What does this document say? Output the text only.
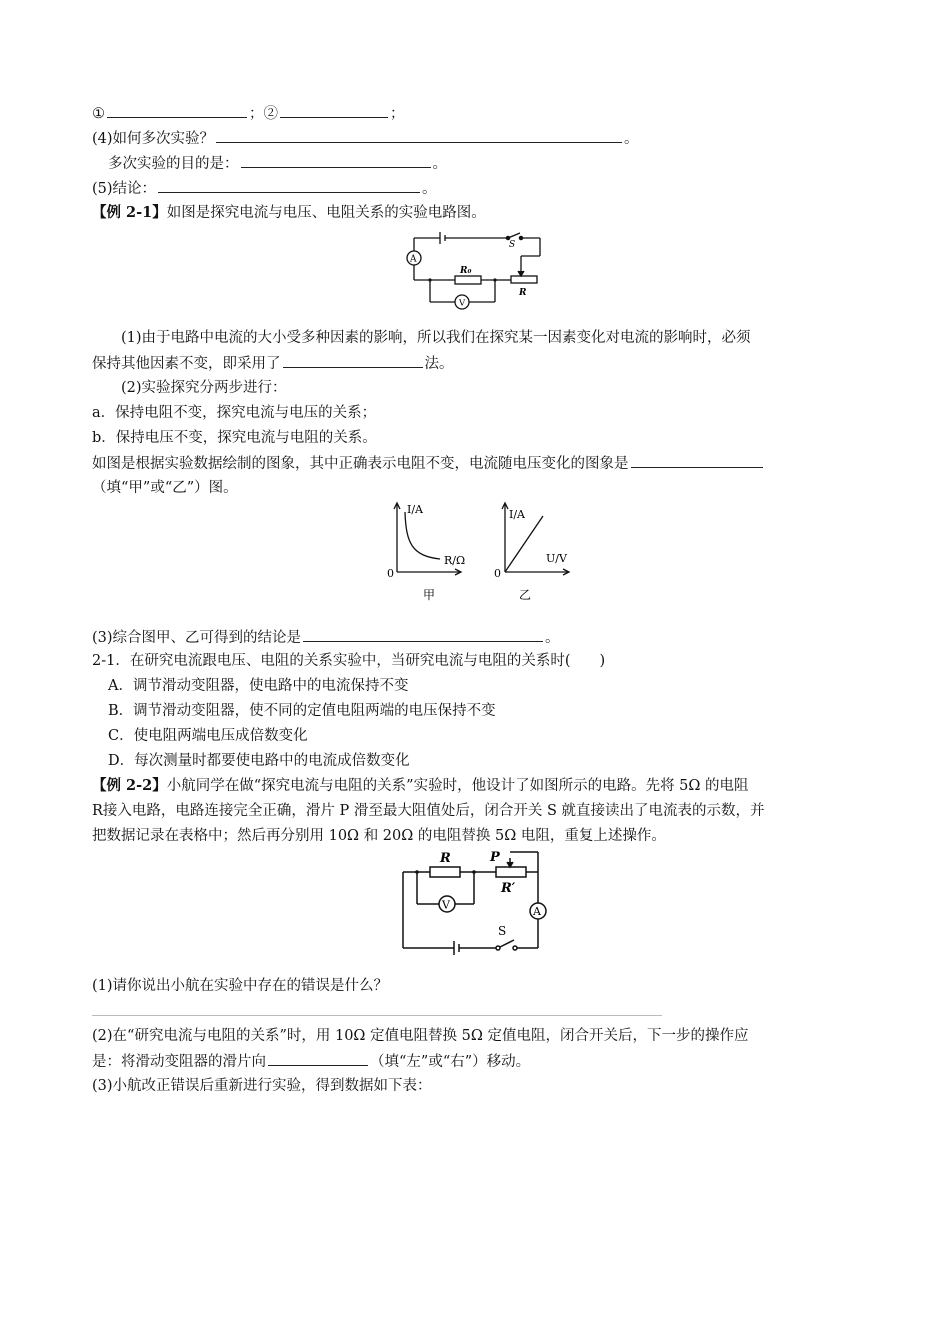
①	；②	；
(4)如何多次实验？	。
多次实验的目的是：	。
(5)结论：	。
【例 2-1】如图是探究电流与电压、电阻关系的实验电路图。
S
A
V
R₀
R
(1)由于电路中电流的大小受多种因素的影响，所以我们在探究某一因素变化对电流的影响时，必须
保持其他因素不变，即采用了	法。
(2)实验探究分两步进行：
a．保持电阻不变，探究电流与电压的关系；
b．保持电压不变，探究电流与电阻的关系。
如图是根据实验数据绘制的图象，其中正确表示电阻不变，电流随电压变化的图象是
（填“甲”或“乙”）图。
I/A
R/Ω
0
甲
I/A
U/V
0
乙
(3)综合图甲、乙可得到的结论是	。
2-1．在研究电流跟电压、电阻的关系实验中，当研究电流与电阻的关系时(　　)
A．调节滑动变阻器，使电路中的电流保持不变
B．调节滑动变阻器，使不同的定值电阻两端的电压保持不变
C．使电阻两端电压成倍数变化
D．每次测量时都要使电路中的电流成倍数变化
【例 2-2】小航同学在做“探究电流与电阻的关系”实验时，他设计了如图所示的电路。先将 5Ω 的电阻
R接入电路，电路连接完全正确，滑片 P 滑至最大阻值处后，闭合开关 S 就直接读出了电流表的示数，并
把数据记录在表格中；然后再分别用 10Ω 和 20Ω 的电阻替换 5Ω 电阻，重复上述操作。
R	P
R′
V	A
S
(1)请你说出小航在实验中存在的错误是什么？
(2)在“研究电流与电阻的关系”时，用 10Ω 定值电阻替换 5Ω 定值电阻，闭合开关后，下一步的操作应
是：将滑动变阻器的滑片向	（填“左”或“右”）移动。
(3)小航改正错误后重新进行实验，得到数据如下表：
